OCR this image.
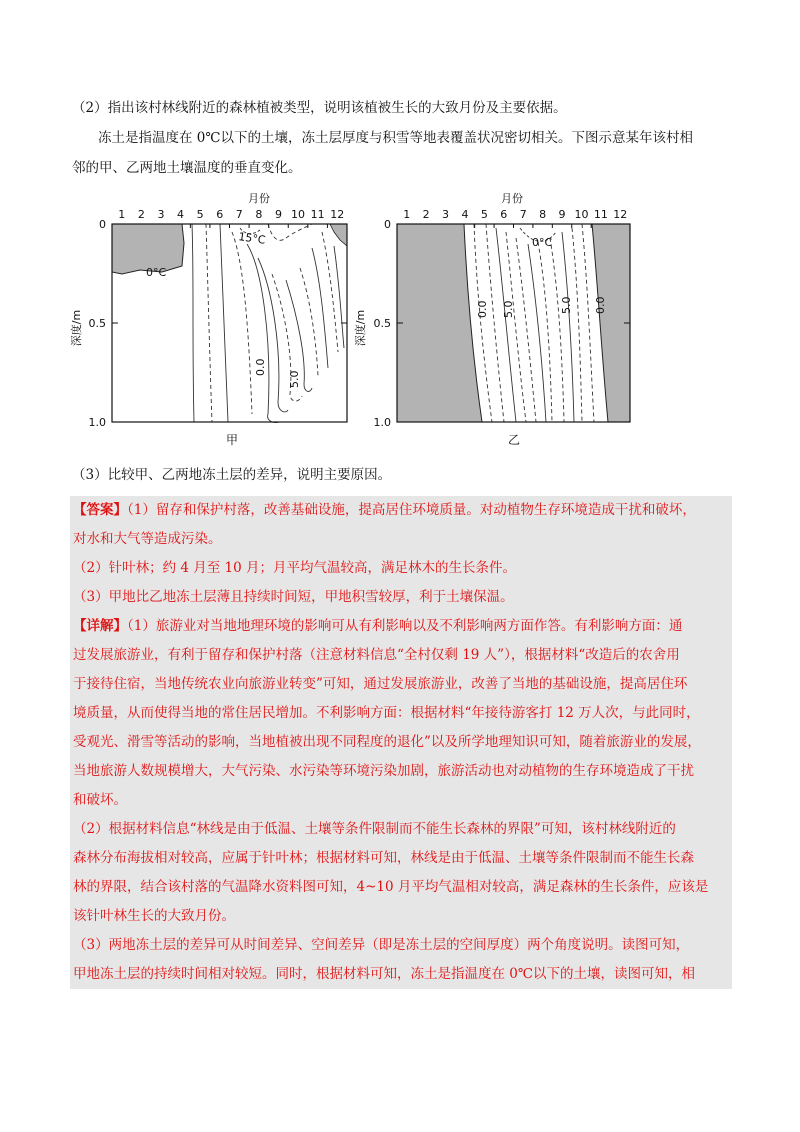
（2）指出该村林线附近的森林植被类型，说明该植被生长的大致月份及主要依据。
冻土是指温度在 0℃以下的土壤，冻土层厚度与积雪等地表覆盖状况密切相关。下图示意某年该村相
邻的甲、乙两地土壤温度的垂直变化。
月份
1 2 3 4 5 6 7 8 9 10 11 12
15°C
0°C
0.0
5.0
0
0.5
1.0
深度/m
甲
月份
1 2 3 4 5 6 7 8 9 10 11 12
0°C
0.0 5.0	5.0 0.0
0
0.5
1.0
深度/m
乙
（3）比较甲、乙两地冻土层的差异，说明主要原因。
【答案】（1）留存和保护村落，改善基础设施，提高居住环境质量。对动植物生存环境造成干扰和破坏，
对水和大气等造成污染。
（2）针叶林；约 4 月至 10 月；月平均气温较高，满足林木的生长条件。
（3）甲地比乙地冻土层薄且持续时间短，甲地积雪较厚，利于土壤保温。
【详解】（1）旅游业对当地地理环境的影响可从有利影响以及不利影响两方面作答。有利影响方面：通
过发展旅游业，有利于留存和保护村落（注意材料信息“全村仅剩 19 人”），根据材料“改造后的农舍用
于接待住宿，当地传统农业向旅游业转变”可知，通过发展旅游业，改善了当地的基础设施，提高居住环
境质量，从而使得当地的常住居民增加。不利影响方面：根据材料“年接待游客打 12 万人次，与此同时，
受观光、滑雪等活动的影响，当地植被出现不同程度的退化”以及所学地理知识可知，随着旅游业的发展，
当地旅游人数规模增大，大气污染、水污染等环境污染加剧，旅游活动也对动植物的生存环境造成了干扰
和破坏。
（2）根据材料信息“林线是由于低温、土壤等条件限制而不能生长森林的界限”可知，该村林线附近的
森林分布海拔相对较高，应属于针叶林；根据材料可知，林线是由于低温、土壤等条件限制而不能生长森
林的界限，结合该村落的气温降水资料图可知，4~10 月平均气温相对较高，满足森林的生长条件，应该是
该针叶林生长的大致月份。
（3）两地冻土层的差异可从时间差异、空间差异（即是冻土层的空间厚度）两个角度说明。读图可知，
甲地冻土层的持续时间相对较短。同时，根据材料可知，冻土是指温度在 0℃以下的土壤，读图可知，相
